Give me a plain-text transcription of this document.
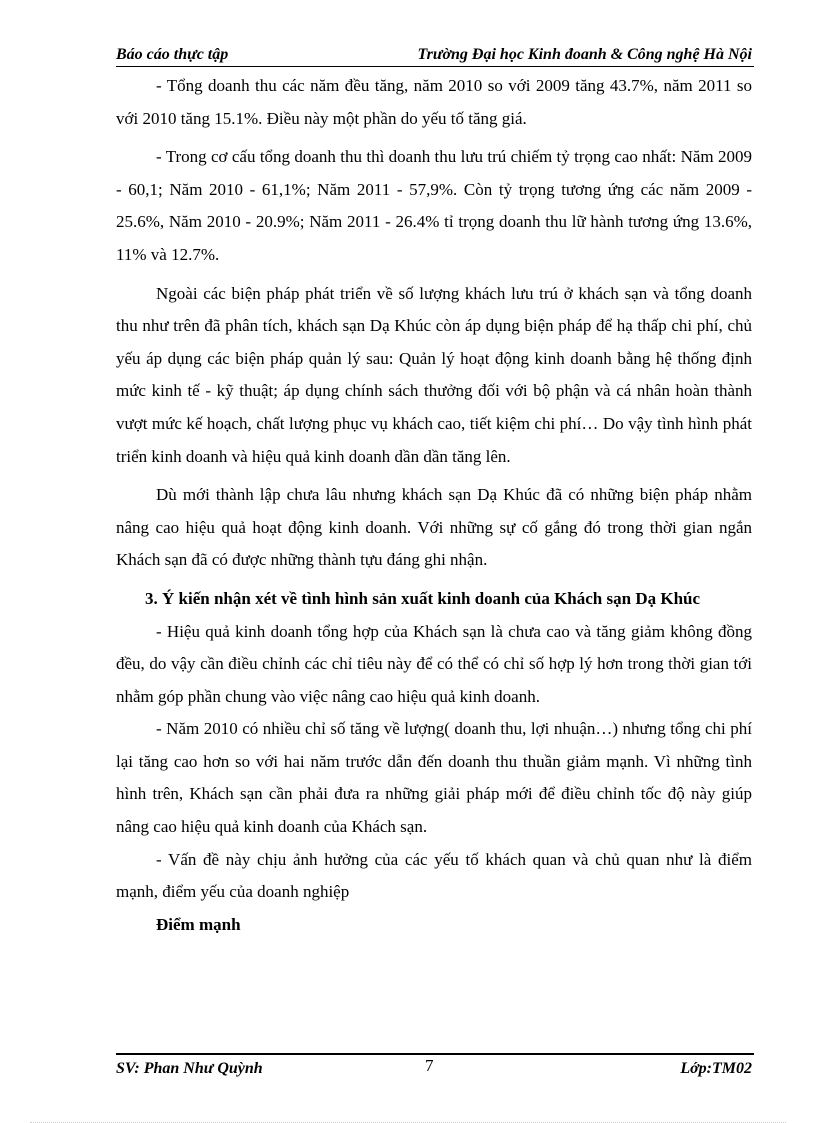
Báo cáo thực tập	Trường Đại học Kinh đoanh & Công nghệ Hà Nội

- Tổng doanh thu các năm đều tăng, năm 2010 so với 2009 tăng 43.7%, năm 2011 so với 2010 tăng 15.1%. Điều này một phần do yếu tố tăng giá.

- Trong cơ cấu tổng doanh thu thì doanh thu lưu trú chiếm tỷ trọng cao nhất: Năm 2009 - 60,1; Năm 2010 - 61,1%; Năm 2011 - 57,9%. Còn tỷ trọng tương ứng các năm 2009 - 25.6%, Năm 2010 - 20.9%; Năm 2011 - 26.4% tỉ trọng doanh thu lữ hành tương ứng 13.6%, 11% và 12.7%.

Ngoài các biện pháp phát triển về số lượng khách lưu trú ở khách sạn và tổng doanh thu như trên đã phân tích, khách sạn Dạ Khúc còn áp dụng biện pháp để hạ thấp chi phí, chủ yếu áp dụng các biện pháp quản lý sau: Quản lý hoạt động kinh doanh bằng hệ thống định mức kinh tế - kỹ thuật; áp dụng chính sách thưởng đối với bộ phận và cá nhân hoàn thành vượt mức kế hoạch, chất lượng phục vụ khách cao, tiết kiệm chi phí… Do vậy tình hình phát triển kinh doanh và hiệu quả kinh doanh dần dần tăng lên.

Dù mới thành lập chưa lâu nhưng khách sạn Dạ Khúc đã có những biện pháp nhằm nâng cao hiệu quả hoạt động kinh doanh. Với những sự cố gắng đó trong thời gian ngắn Khách sạn đã có được những thành tựu đáng ghi nhận.

3. Ý kiến nhận xét về tình hình sản xuất kinh doanh của Khách sạn Dạ Khúc

- Hiệu quả kinh doanh tổng hợp của Khách sạn là chưa cao và tăng giảm không đồng đều, do vậy cần điều chỉnh các chỉ tiêu này để có thể có chỉ số hợp lý hơn trong thời gian tới nhằm góp phần chung vào việc nâng cao hiệu quả kinh doanh.

- Năm 2010 có nhiều chỉ số tăng về lượng( doanh thu, lợi nhuận…) nhưng tổng chi phí lại tăng cao hơn so với hai năm trước dẫn đến doanh thu thuần giảm mạnh. Vì những tình hình trên, Khách sạn cần phải đưa ra những giải pháp mới để điều chỉnh tốc độ này giúp nâng cao hiệu quả kinh doanh của Khách sạn.

- Vấn đề này chịu ảnh hưởng của các yếu tố khách quan và chủ quan như là điểm mạnh, điểm yếu của doanh nghiệp

Điểm mạnh

SV: Phan Như Quỳnh	7	Lớp:TM02
